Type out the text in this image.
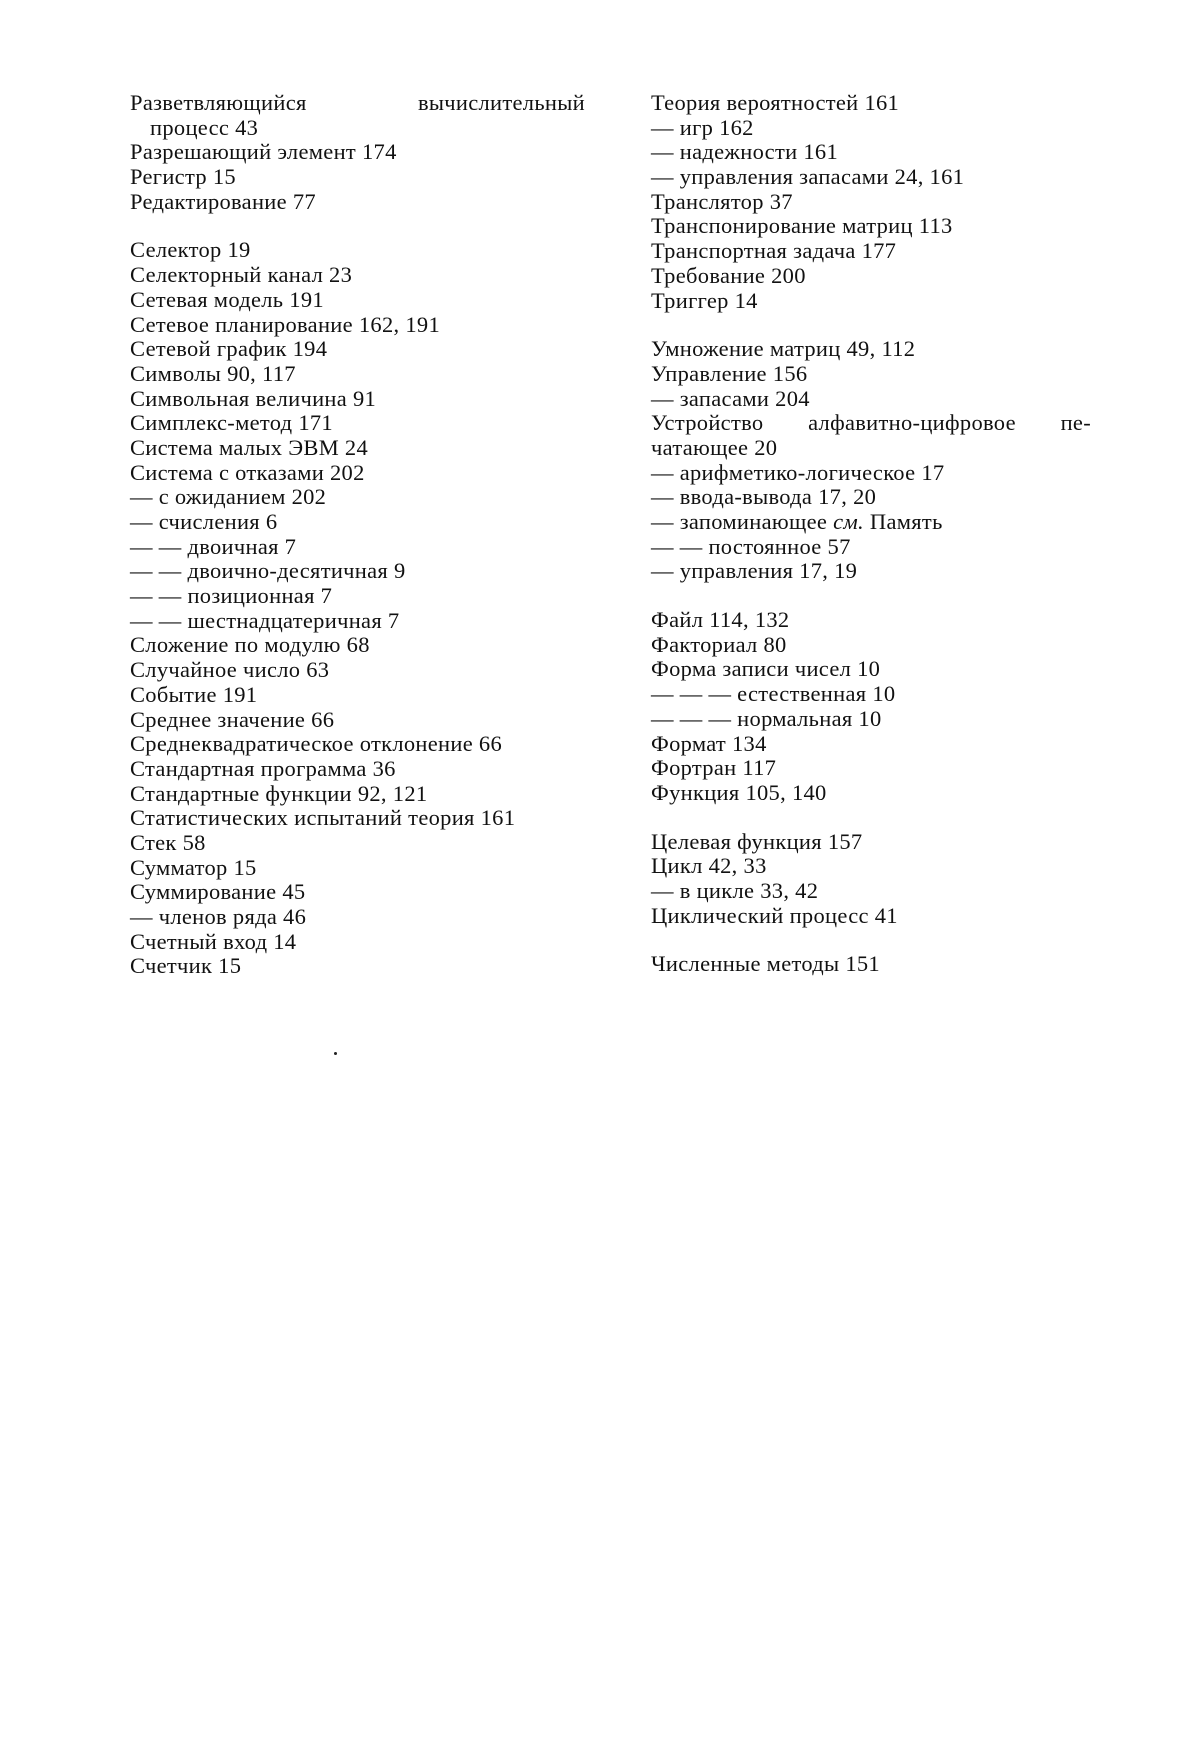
Разветвляющийся	вычислительный
процесс 43
Разрешающий элемент 174
Регистр 15
Редактирование 77
Селектор 19
Селекторный канал 23
Сетевая модель 191
Сетевое планирование 162, 191
Сетевой график 194
Символы 90, 117
Символьная величина 91
Симплекс-метод 171
Система малых ЭВМ 24
Система с отказами 202
— с ожиданием 202
— счисления 6
— — двоичная 7
— — двоично-десятичная 9
— — позиционная 7
— — шестнадцатеричная 7
Сложение по модулю 68
Случайное число 63
Событие 191
Среднее значение 66
Среднеквадратическое отклонение 66
Стандартная программа 36
Стандартные функции 92, 121
Статистических испытаний теория 161
Стек 58
Сумматор 15
Суммирование 45
— членов ряда 46
Счетный вход 14
Счетчик 15
Теория вероятностей 161
— игр 162
— надежности 161
— управления запасами 24, 161
Транслятор 37
Транспонирование матриц 113
Транспортная задача 177
Требование 200
Триггер 14
Умножение матриц 49, 112
Управление 156
— запасами 204
Устройство алфавитно-цифровое пе-
чатающее 20
— арифметико-логическое 17
— ввода-вывода 17, 20
— запоминающее см. Память
— — постоянное 57
— управления 17, 19
Файл 114, 132
Факториал 80
Форма записи чисел 10
— — — естественная 10
— — — нормальная 10
Формат 134
Фортран 117
Функция 105, 140
Целевая функция 157
Цикл 42, 33
— в цикле 33, 42
Циклический процесс 41
Численные методы 151
